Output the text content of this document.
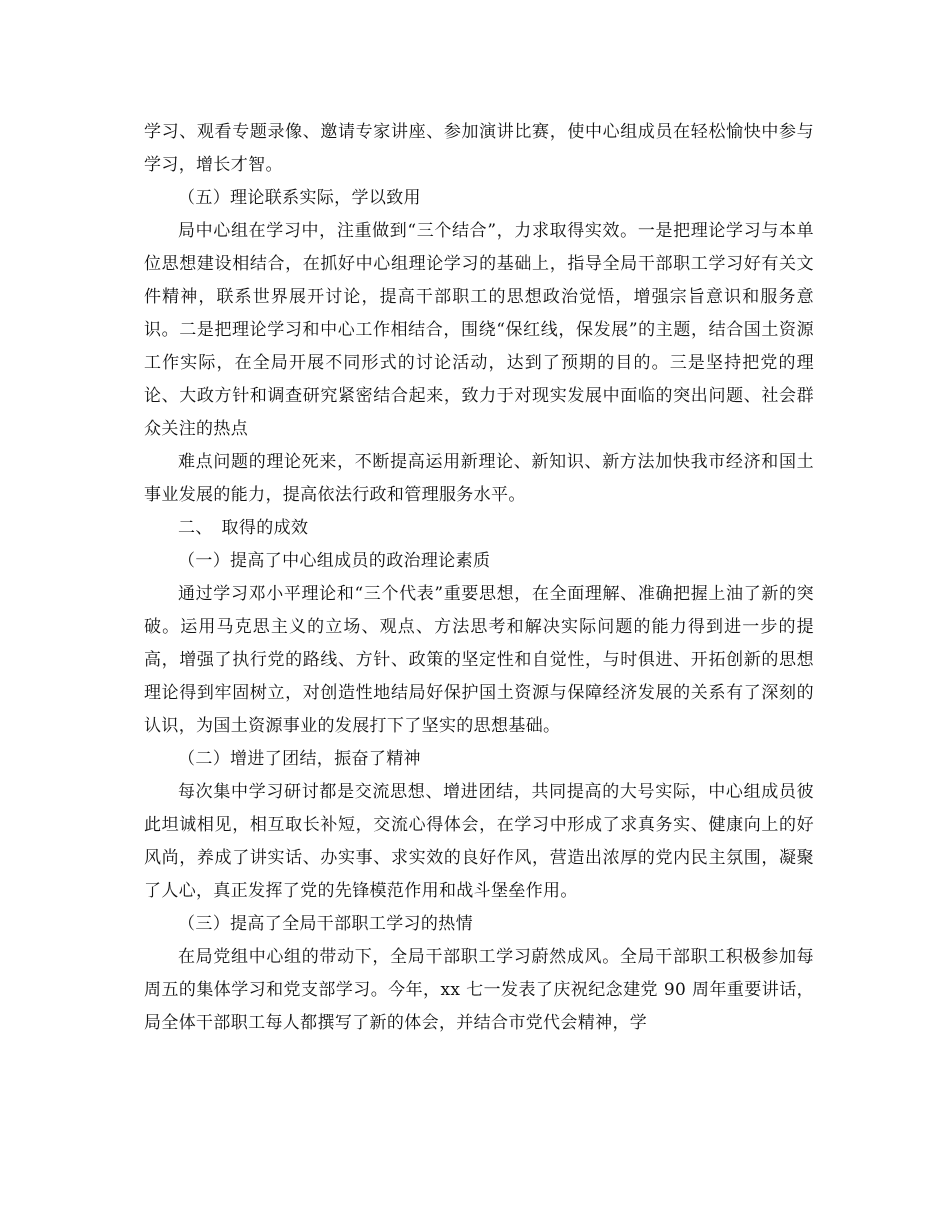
学习、观看专题录像、邀请专家讲座、参加演讲比赛，使中心组成员在轻松愉快中参与学习，增长才智。

（五）理论联系实际，学以致用

局中心组在学习中，注重做到“三个结合”，力求取得实效。一是把理论学习与本单位思想建设相结合，在抓好中心组理论学习的基础上，指导全局干部职工学习好有关文件精神，联系世界展开讨论，提高干部职工的思想政治觉悟，增强宗旨意识和服务意识。二是把理论学习和中心工作相结合，围绕“保红线，保发展”的主题，结合国土资源工作实际，在全局开展不同形式的讨论活动，达到了预期的目的。三是坚持把党的理论、大政方针和调查研究紧密结合起来，致力于对现实发展中面临的突出问题、社会群众关注的热点

难点问题的理论死来，不断提高运用新理论、新知识、新方法加快我市经济和国土事业发展的能力，提高依法行政和管理服务水平。

二、　取得的成效

（一）提高了中心组成员的政治理论素质

通过学习邓小平理论和“三个代表”重要思想，在全面理解、准确把握上油了新的突破。运用马克思主义的立场、观点、方法思考和解决实际问题的能力得到进一步的提高，增强了执行党的路线、方针、政策的坚定性和自觉性，与时俱进、开拓创新的思想理论得到牢固树立，对创造性地结局好保护国土资源与保障经济发展的关系有了深刻的认识，为国土资源事业的发展打下了坚实的思想基础。

（二）增进了团结，振奋了精神

每次集中学习研讨都是交流思想、增进团结，共同提高的大号实际，中心组成员彼此坦诚相见，相互取长补短，交流心得体会，在学习中形成了求真务实、健康向上的好风尚，养成了讲实话、办实事、求实效的良好作风，营造出浓厚的党内民主氛围，凝聚了人心，真正发挥了党的先锋模范作用和战斗堡垒作用。

（三）提高了全局干部职工学习的热情

在局党组中心组的带动下，全局干部职工学习蔚然成风。全局干部职工积极参加每周五的集体学习和党支部学习。今年，xx 七一发表了庆祝纪念建党 90 周年重要讲话，局全体干部职工每人都撰写了新的体会，并结合市党代会精神，学
